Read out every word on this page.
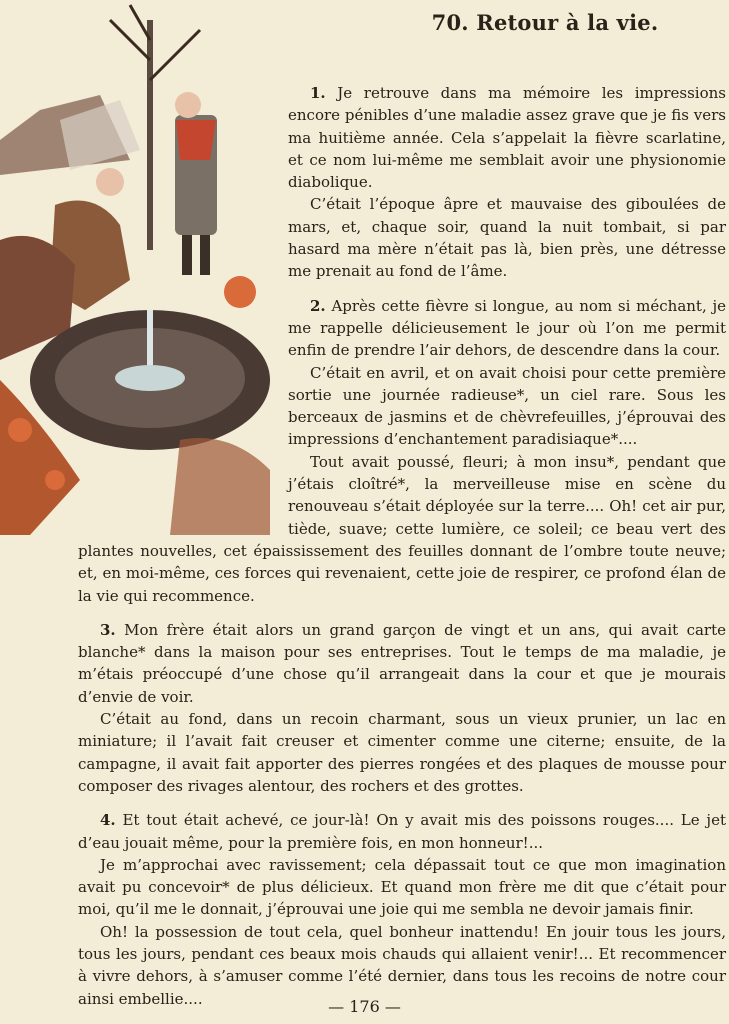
70. Retour à la vie.

1. Je retrouve dans ma mémoire les impressions encore pénibles d’une maladie assez grave que je fis vers ma huitième année. Cela s’appelait la fièvre scarlatine, et ce nom lui-même me semblait avoir une physionomie diabolique.

C’était l’époque âpre et mauvaise des giboulées de mars, et, chaque soir, quand la nuit tombait, si par hasard ma mère n’était pas là, bien près, une détresse me prenait au fond de l’âme.

2. Après cette fièvre si longue, au nom si méchant, je me rappelle délicieusement le jour où l’on me permit enfin de prendre l’air dehors, de descendre dans la cour.

C’était en avril, et on avait choisi pour cette première sortie une journée radieuse*, un ciel rare. Sous les berceaux de jasmins et de chèvrefeuilles, j’éprouvai des impressions d’enchantement paradisiaque*....

Tout avait poussé, fleuri; à mon insu*, pendant que j’étais cloîtré*, la merveilleuse mise en scène du renouveau s’était déployée sur la terre.... Oh! cet air pur, tiède, suave; cette lumière, ce soleil; ce beau vert des plantes nouvelles, cet épaississement des feuilles donnant de l’ombre toute neuve; et, en moi-même, ces forces qui revenaient, cette joie de respirer, ce profond élan de la vie qui recommence.

3. Mon frère était alors un grand garçon de vingt et un ans, qui avait carte blanche* dans la maison pour ses entreprises. Tout le temps de ma maladie, je m’étais préoccupé d’une chose qu’il arrangeait dans la cour et que je mourais d’envie de voir.

C’était au fond, dans un recoin charmant, sous un vieux prunier, un lac en miniature; il l’avait fait creuser et cimenter comme une citerne; ensuite, de la campagne, il avait fait apporter des pierres rongées et des plaques de mousse pour composer des rivages alentour, des rochers et des grottes.

4. Et tout était achevé, ce jour-là! On y avait mis des poissons rouges.... Le jet d’eau jouait même, pour la première fois, en mon honneur!...

Je m’approchai avec ravissement; cela dépassait tout ce que mon imagination avait pu concevoir* de plus délicieux. Et quand mon frère me dit que c’était pour moi, qu’il me le donnait, j’éprouvai une joie qui me sembla ne devoir jamais finir.

Oh! la possession de tout cela, quel bonheur inattendu! En jouir tous les jours, tous les jours, pendant ces beaux mois chauds qui allaient venir!... Et recommencer à vivre dehors, à s’amuser comme l’été dernier, dans tous les recoins de notre cour ainsi embellie....	— 176 —
